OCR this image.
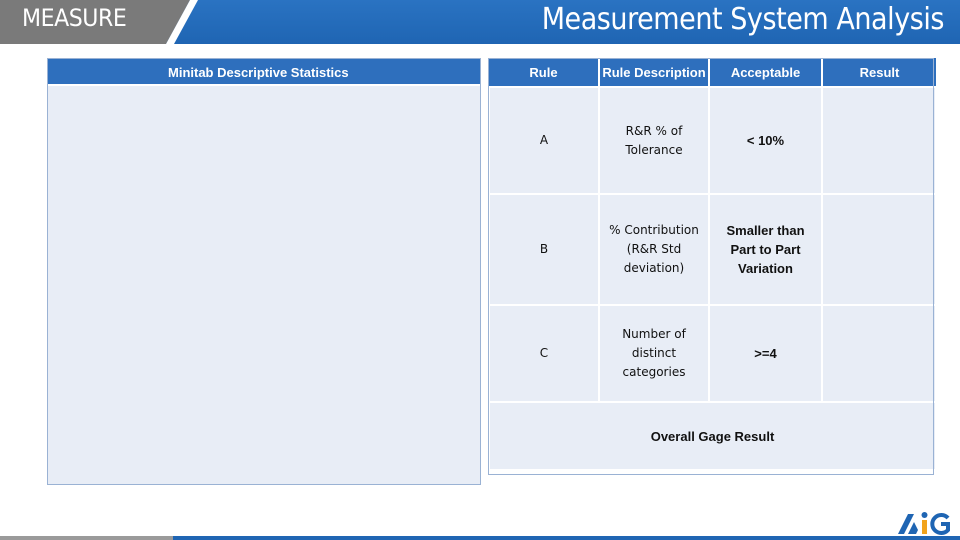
MEASURE	Measurement System Analysis
Minitab Descriptive Statistics	Rule	Rule Description	Acceptable	Result
A	R&R % of Tolerance	< 10%	
B	% Contribution (R&R Std deviation)	Smaller than Part to Part Variation	
C	Number of distinct categories	>=4	
Overall Gage Result			
